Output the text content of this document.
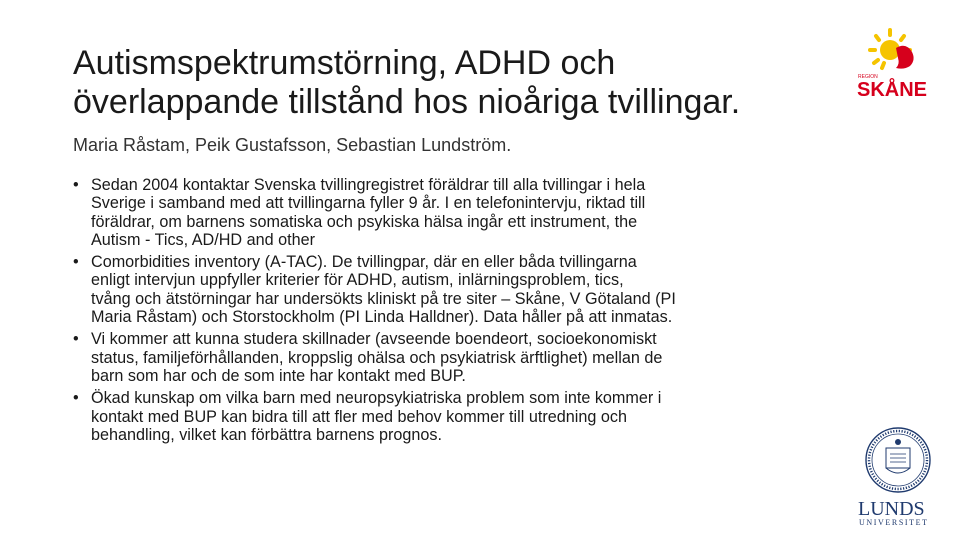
Autismspektrumstörning, ADHD och
överlappande tillstånd hos nioåriga tvillingar.
Maria Råstam, Peik Gustafsson, Sebastian Lundström.
• Sedan 2004 kontaktar Svenska tvillingregistret föräldrar till alla tvillingar i hela
Sverige i samband med att tvillingarna fyller 9 år. I en telefonintervju, riktad till
föräldrar, om barnens somatiska och psykiska hälsa ingår ett instrument, the
Autism - Tics, AD/HD and other
• Comorbidities inventory (A-TAC). De tvillingpar, där en eller båda tvillingarna
enligt intervjun uppfyller kriterier för ADHD, autism, inlärningsproblem, tics,
tvång och ätstörningar har undersökts kliniskt på tre siter – Skåne, V Götaland (PI
Maria Råstam) och Storstockholm (PI Linda Halldner). Data håller på att inmatas.
• Vi kommer att kunna studera skillnader (avseende boendeort, socioekonomiskt
status, familjeförhållanden, kroppslig ohälsa och psykiatrisk ärftlighet) mellan de
barn som har och de som inte har kontakt med BUP.
• Ökad kunskap om vilka barn med neuropsykiatriska problem som inte kommer i
kontakt med BUP kan bidra till att fler med behov kommer till utredning och
behandling, vilket kan förbättra barnens prognos.
REGION
SKÅNE
LUNDS
UNIVERSITET
